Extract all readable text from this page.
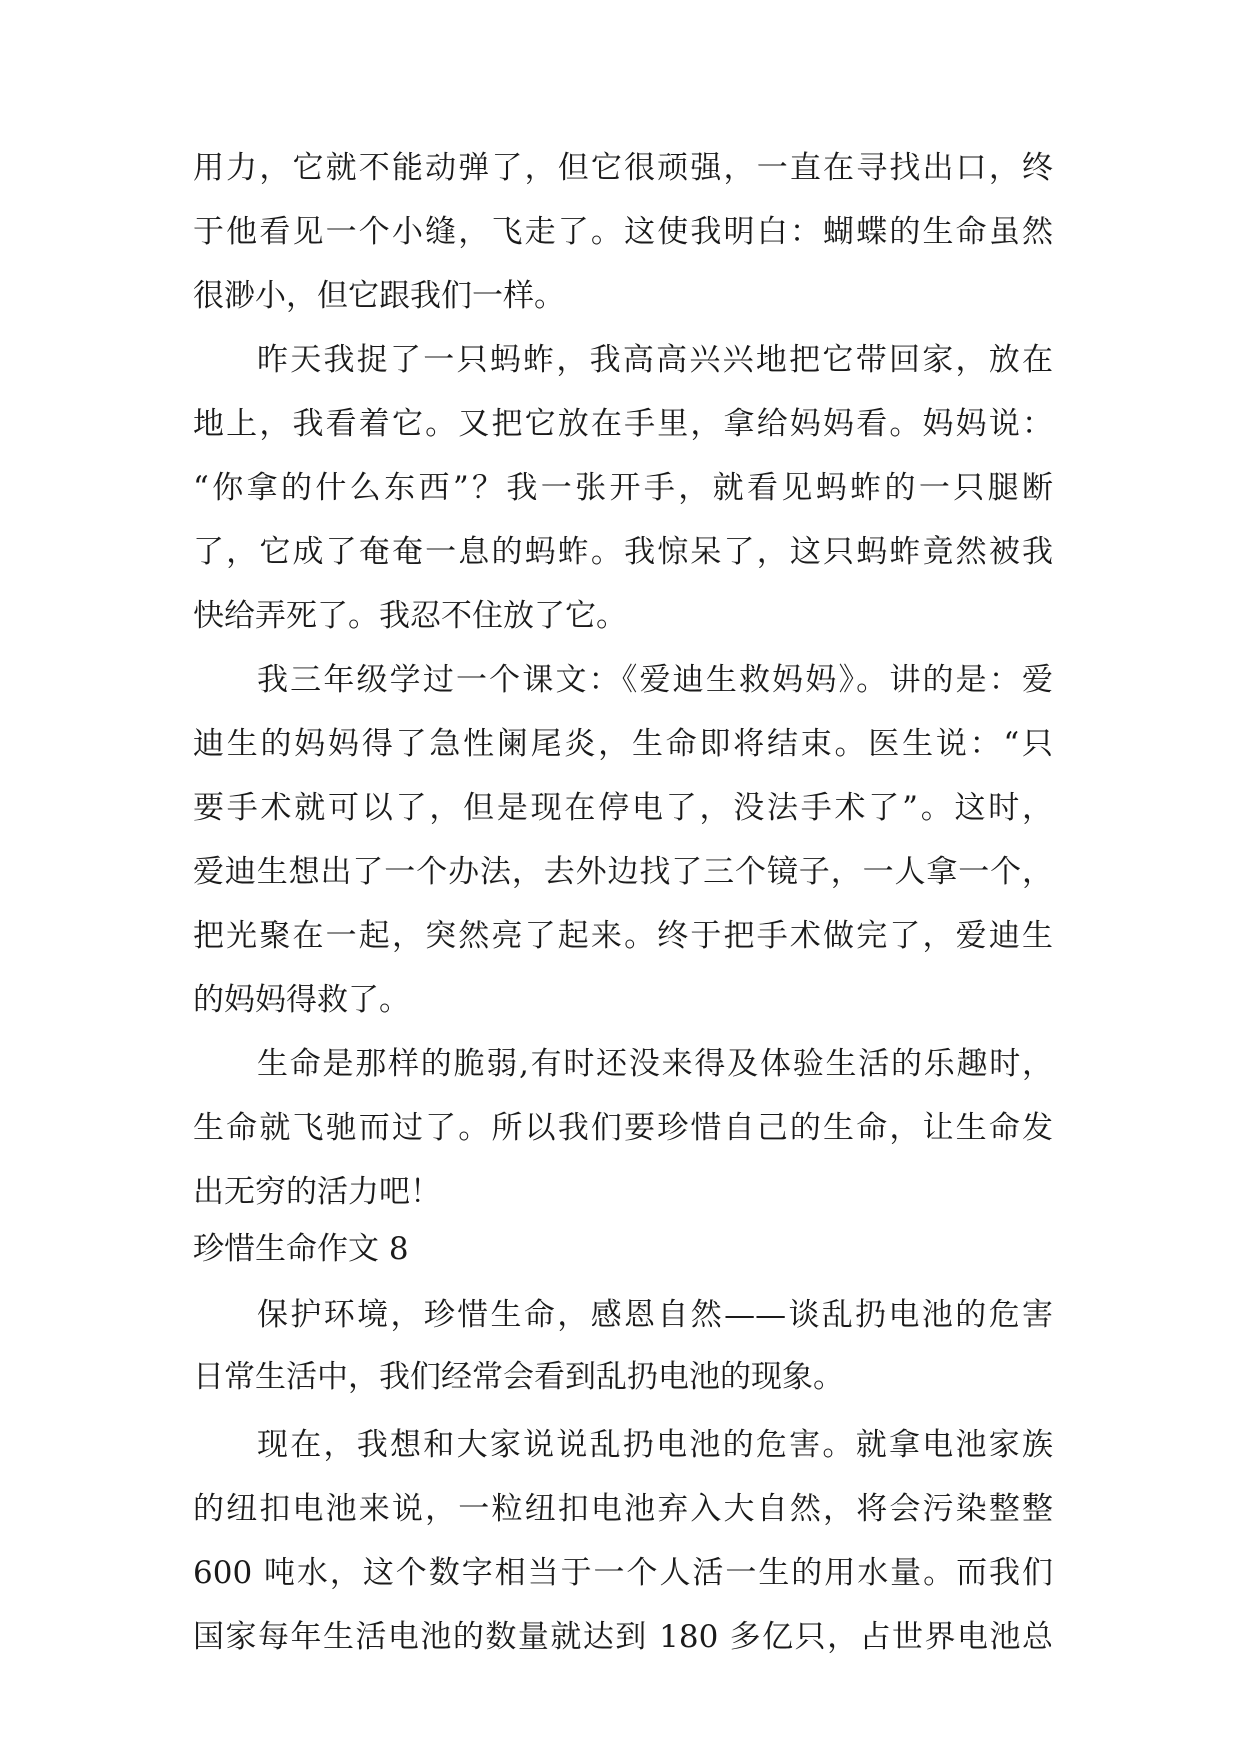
用力，它就不能动弹了，但它很顽强，一直在寻找出口，终
于他看见一个小缝，飞走了。这使我明白：蝴蝶的生命虽然
很渺小，但它跟我们一样。
昨天我捉了一只蚂蚱，我高高兴兴地把它带回家，放在
地上，我看着它。又把它放在手里，拿给妈妈看。妈妈说：
“你拿的什么东西”？我一张开手，就看见蚂蚱的一只腿断
了，它成了奄奄一息的蚂蚱。我惊呆了，这只蚂蚱竟然被我
快给弄死了。我忍不住放了它。
我三年级学过一个课文：《爱迪生救妈妈》。讲的是：爱
迪生的妈妈得了急性阑尾炎，生命即将结束。医生说：“只
要手术就可以了，但是现在停电了，没法手术了”。这时，
爱迪生想出了一个办法，去外边找了三个镜子，一人拿一个，
把光聚在一起，突然亮了起来。终于把手术做完了，爱迪生
的妈妈得救了。
生命是那样的脆弱,有时还没来得及体验生活的乐趣时，
生命就飞驰而过了。所以我们要珍惜自己的生命，让生命发
出无穷的活力吧！
珍惜生命作文 8
保护环境，珍惜生命，感恩自然——谈乱扔电池的危害
日常生活中，我们经常会看到乱扔电池的现象。
现在，我想和大家说说乱扔电池的危害。就拿电池家族
的纽扣电池来说，一粒纽扣电池弃入大自然，将会污染整整
600 吨水，这个数字相当于一个人活一生的用水量。而我们
国家每年生活电池的数量就达到 180 多亿只，占世界电池总
